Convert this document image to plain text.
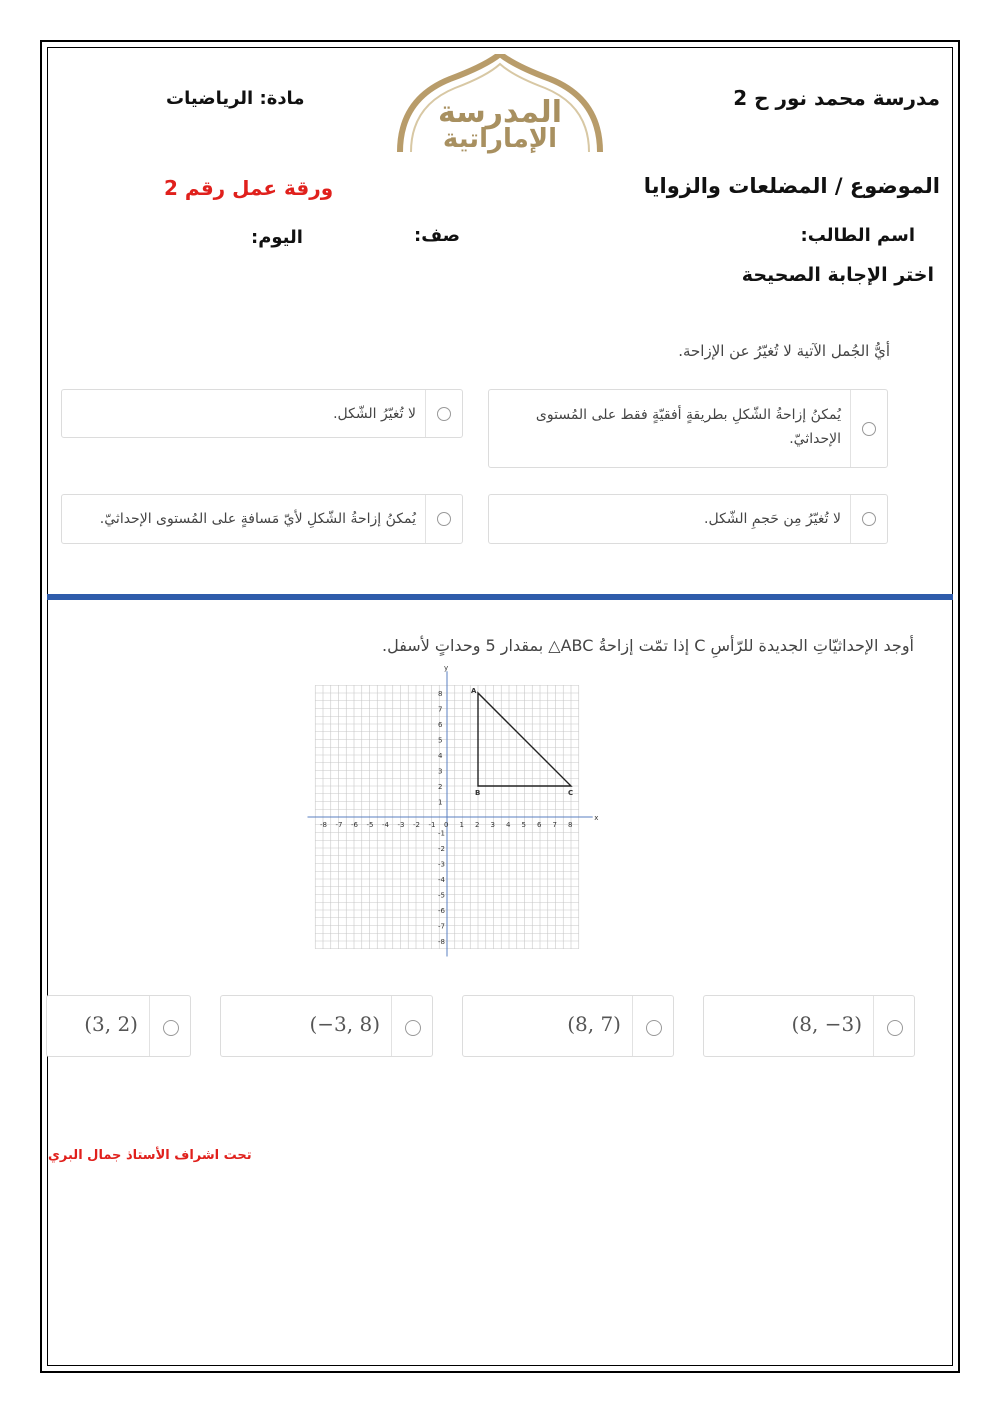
مدرسة محمد نور ح 2
مادة: الرياضيات	المدرسة
الإماراتية
الموضوع / المضلعات والزوايا
ورقة عمل رقم 2
اسم الطالب:
صف:
اليوم:
اختر الإجابة الصحيحة
أيُّ الجُمل الآتية لا تُغيّرُ عن الإزاحة.
يُمكنُ إزاحةُ الشّكلِ بطريقةٍ أفقيّةٍ فقط على المُستوى الإحداثيّ.
لا تُغيّرُ الشّكل.
لا تُغيّرُ مِن حَجمِ الشّكل.
يُمكنُ إزاحةُ الشّكلِ لأيّ مَسافةٍ على المُستوى الإحداثيّ.
أوجد الإحداثيّاتِ الجديدة للرّأسِ C إذا تمّت إزاحةُ ABC△ بمقدار 5 وحداتٍ لأسفل.
x
y
-8 -7 -6 -5 -4 -3 -2 -1 0 1 2 3 4 5 6 7 8
8
7
6
5
4
3
2
1
-1
-2
-3
-4
-5
-6
-7
-8
A
B	C
(3, 2)	(−3, 8)	(8, 7)	(8, −3)
تحت اشراف الأستاذ جمال البري
